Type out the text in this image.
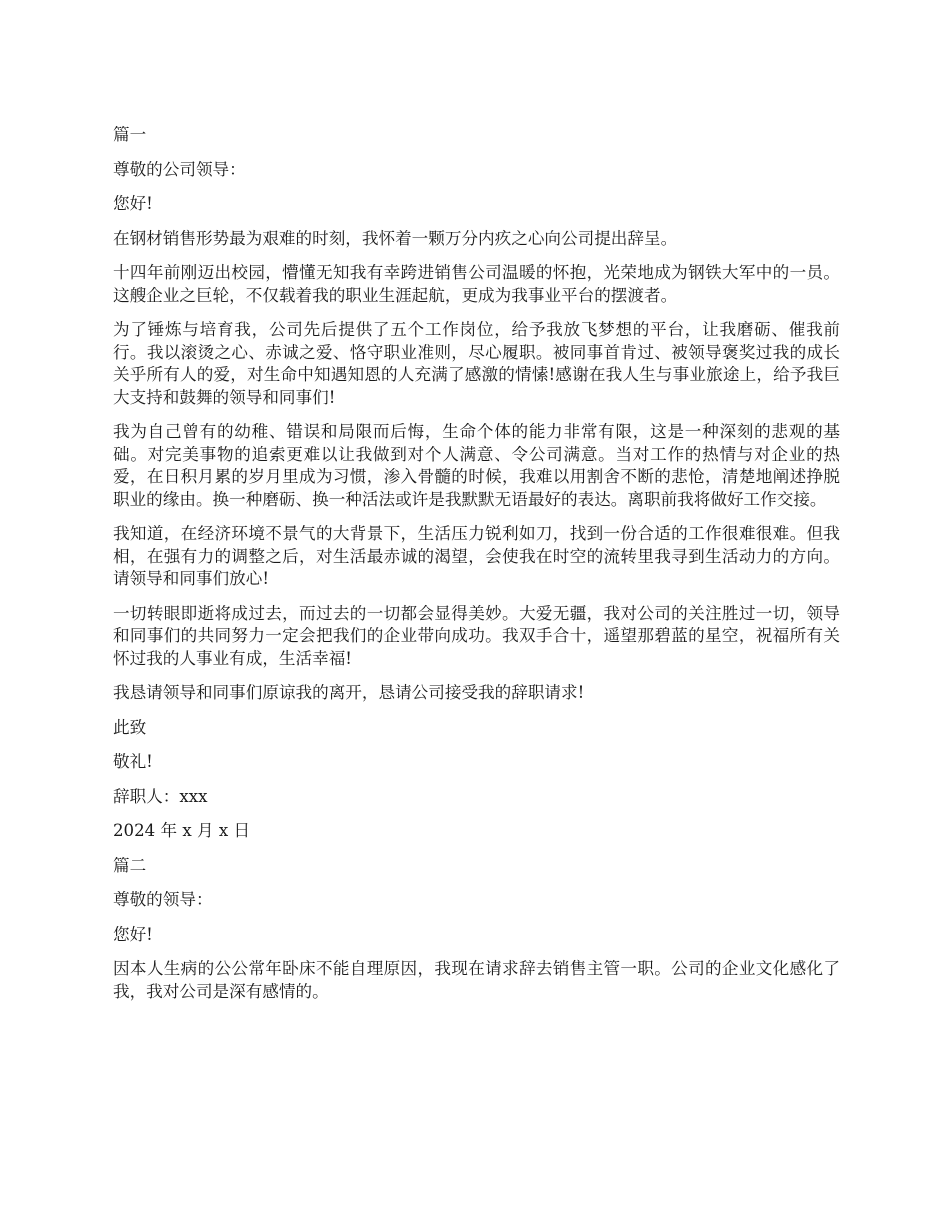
篇一

尊敬的公司领导：

您好!

在钢材销售形势最为艰难的时刻，我怀着一颗万分内疚之心向公司提出辞呈。

十四年前刚迈出校园，懵懂无知我有幸跨进销售公司温暖的怀抱，光荣地成为钢铁大军中的一员。这艘企业之巨轮，不仅载着我的职业生涯起航，更成为我事业平台的摆渡者。

为了锤炼与培育我，公司先后提供了五个工作岗位，给予我放飞梦想的平台，让我磨砺、催我前行。我以滚烫之心、赤诚之爱、恪守职业准则，尽心履职。被同事首肯过、被领导褒奖过我的成长关乎所有人的爱，对生命中知遇知恩的人充满了感激的情愫!感谢在我人生与事业旅途上，给予我巨大支持和鼓舞的领导和同事们!

我为自己曾有的幼稚、错误和局限而后悔，生命个体的能力非常有限，这是一种深刻的悲观的基础。对完美事物的追索更难以让我做到对个人满意、令公司满意。当对工作的热情与对企业的热爱，在日积月累的岁月里成为习惯，渗入骨髓的时候，我难以用割舍不断的悲怆，清楚地阐述挣脱职业的缘由。换一种磨砺、换一种活法或许是我默默无语最好的表达。离职前我将做好工作交接。

我知道，在经济环境不景气的大背景下，生活压力锐利如刀，找到一份合适的工作很难很难。但我相，在强有力的调整之后，对生活最赤诚的渴望，会使我在时空的流转里我寻到生活动力的方向。请领导和同事们放心!

一切转眼即逝将成过去，而过去的一切都会显得美妙。大爱无疆，我对公司的关注胜过一切，领导和同事们的共同努力一定会把我们的企业带向成功。我双手合十，遥望那碧蓝的星空，祝福所有关怀过我的人事业有成，生活幸福!

我恳请领导和同事们原谅我的离开，恳请公司接受我的辞职请求!

此致

敬礼!

辞职人：xxx

2024 年 x 月 x 日

篇二

尊敬的领导：

您好!

因本人生病的公公常年卧床不能自理原因，我现在请求辞去销售主管一职。公司的企业文化感化了我，我对公司是深有感情的。
